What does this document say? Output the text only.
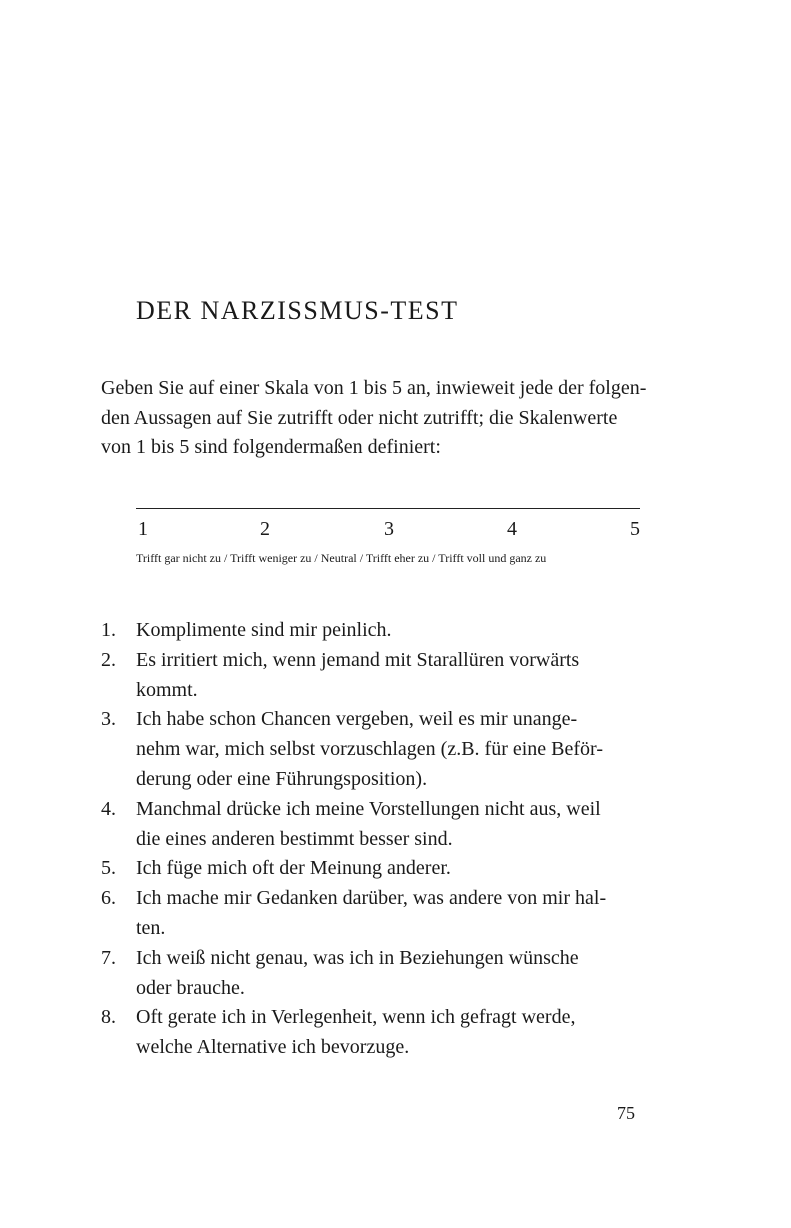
DER NARZISSMUS-TEST
Geben Sie auf einer Skala von 1 bis 5 an, inwieweit jede der folgen-
den Aussagen auf Sie zutrifft oder nicht zutrifft; die Skalenwerte
von 1 bis 5 sind folgendermaßen definiert:
1	2	3	4	5
Trifft gar nicht zu / Trifft weniger zu / Neutral / Trifft eher zu / Trifft voll und ganz zu
1. Komplimente sind mir peinlich.
2. Es irritiert mich, wenn jemand mit Starallüren vorwärts
kommt.
3. Ich habe schon Chancen vergeben, weil es mir unange-
nehm war, mich selbst vorzuschlagen (z.B. für eine Beför-
derung oder eine Führungsposition).
4. Manchmal drücke ich meine Vorstellungen nicht aus, weil
die eines anderen bestimmt besser sind.
5. Ich füge mich oft der Meinung anderer.
6. Ich mache mir Gedanken darüber, was andere von mir hal-
ten.
7. Ich weiß nicht genau, was ich in Beziehungen wünsche
oder brauche.
8. Oft gerate ich in Verlegenheit, wenn ich gefragt werde,
welche Alternative ich bevorzuge.
75
